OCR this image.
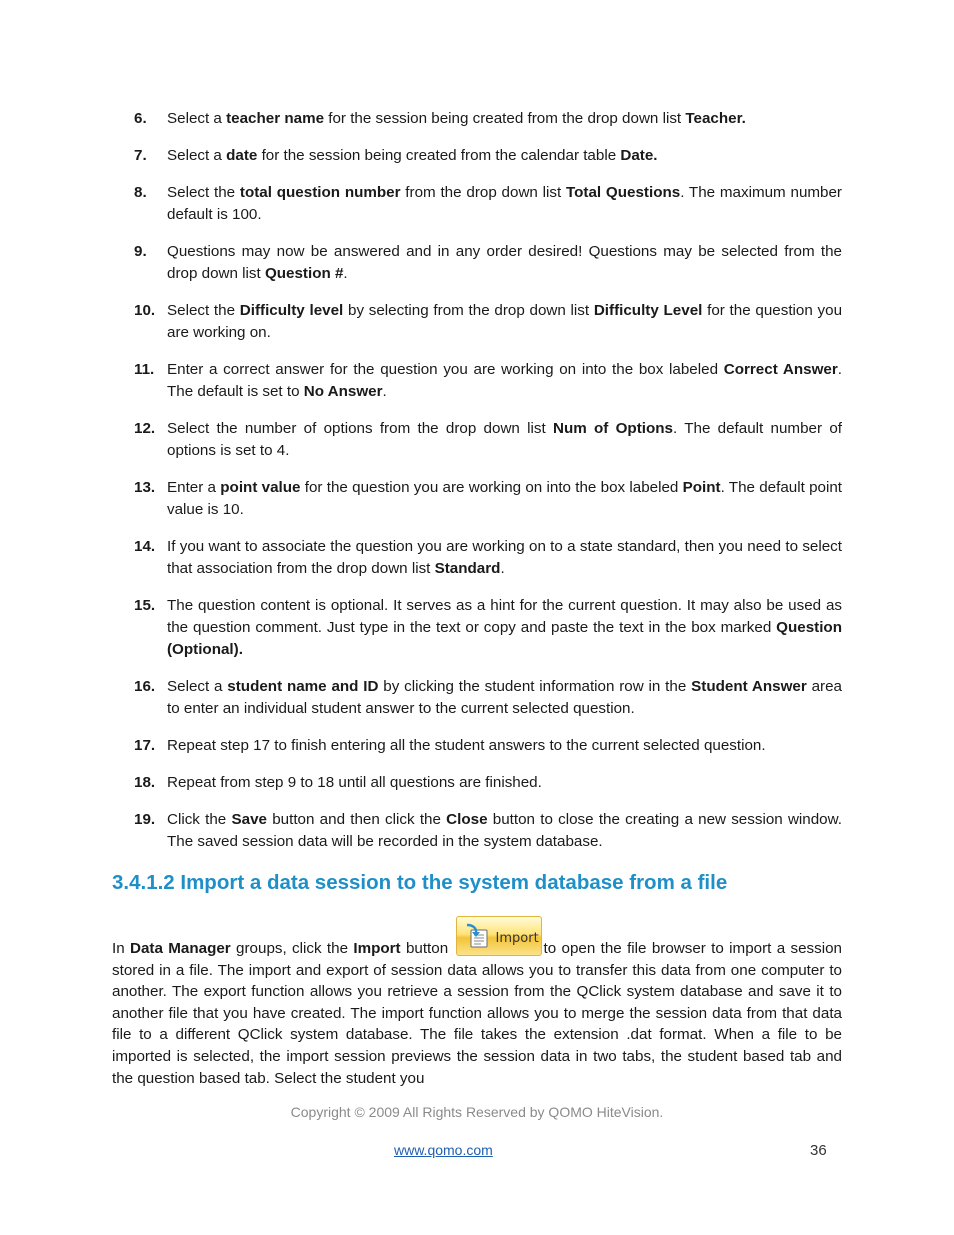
6. Select a teacher name for the session being created from the drop down list Teacher.
7. Select a date for the session being created from the calendar table Date.
8. Select the total question number from the drop down list Total Questions. The maximum number default is 100.
9. Questions may now be answered and in any order desired! Questions may be selected from the drop down list Question #.
10. Select the Difficulty level by selecting from the drop down list Difficulty Level for the question you are working on.
11. Enter a correct answer for the question you are working on into the box labeled Correct Answer. The default is set to No Answer.
12. Select the number of options from the drop down list Num of Options. The default number of options is set to 4.
13. Enter a point value for the question you are working on into the box labeled Point. The default point value is 10.
14. If you want to associate the question you are working on to a state standard, then you need to select that association from the drop down list Standard.
15. The question content is optional. It serves as a hint for the current question. It may also be used as the question comment. Just type in the text or copy and paste the text in the box marked Question (Optional).
16. Select a student name and ID by clicking the student information row in the Student Answer area to enter an individual student answer to the current selected question.
17. Repeat step 17 to finish entering all the student answers to the current selected question.
18. Repeat from step 9 to 18 until all questions are finished.
19. Click the Save button and then click the Close button to close the creating a new session window. The saved session data will be recorded in the system database.
3.4.1.2 Import a data session to the system database from a file
In Data Manager groups, click the Import button
Import
to open the file browser to import a session stored in a file. The import and export of session data allows you to transfer this data from one computer to another. The export function allows you retrieve a session from the QClick system database and save it to another file that you have created. The import function allows you to merge the session data from that data file to a different QClick system database. The file takes the extension .dat format. When a file to be imported is selected, the import session previews the session data in two tabs, the student based tab and the question based tab. Select the student you
Copyright © 2009 All Rights Reserved by QOMO HiteVision.
www.qomo.com	36
